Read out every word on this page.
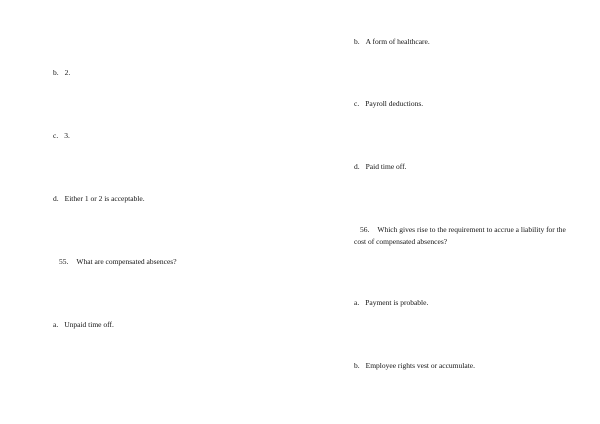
b. 2.
c. 3.
d. Either 1 or 2 is acceptable.
55. What are compensated absences?
a. Unpaid time off.
b. A form of healthcare.
c. Payroll deductions.
d. Paid time off.
56. Which gives rise to the requirement to accrue a liability for the cost of compensated absences?
a. Payment is probable.
b. Employee rights vest or accumulate.
